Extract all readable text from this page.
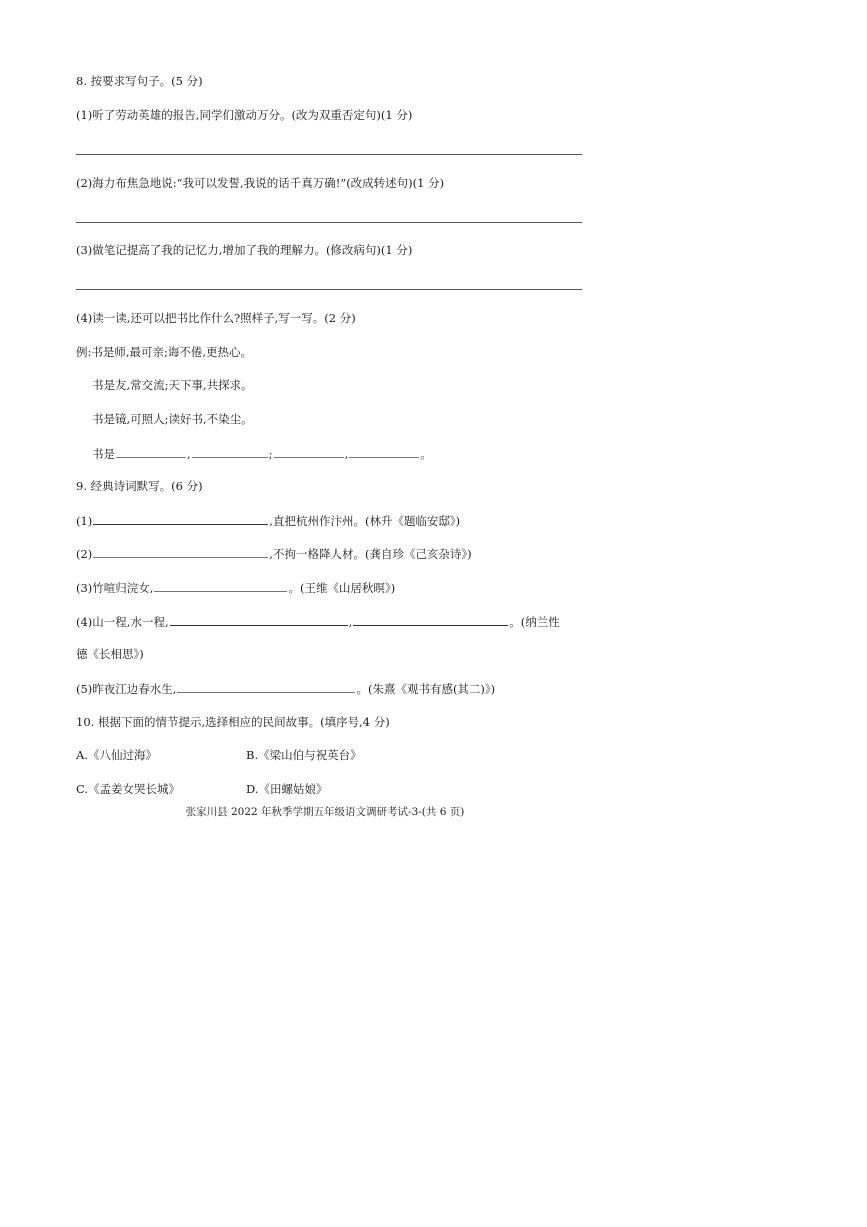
8. 按要求写句子。(5 分)
(1)听了劳动英雄的报告,同学们激动万分。(改为双重否定句)(1 分)
(2)海力布焦急地说:“我可以发誓,我说的话千真万确!”(改成转述句)(1 分)
(3)做笔记提高了我的记忆力,增加了我的理解力。(修改病句)(1 分)
(4)读一读,还可以把书比作什么?照样子,写一写。(2 分)
例:书是师,最可亲;诲不倦,更热心。
书是友,常交流;天下事,共探求。
书是镜,可照人;读好书,不染尘。
书是	,	;	,	。
9. 经典诗词默写。(6 分)
(1)	,直把杭州作汴州。(林升《题临安邸》)
(2)	,不拘一格降人材。(龚自珍《己亥杂诗》)
(3)竹喧归浣女,	。(王维《山居秋暝》)
(4)山一程,水一程,	,	。(纳兰性
德《长相思》)
(5)昨夜江边春水生,	。(朱熹《观书有感(其二)》)
10. 根据下面的情节提示,选择相应的民间故事。(填序号,4 分)
A.《八仙过海》	B.《梁山伯与祝英台》
C.《孟姜女哭长城》	D.《田螺姑娘》
张家川县 2022 年秋季学期五年级语文调研考试-3-(共 6 页)
